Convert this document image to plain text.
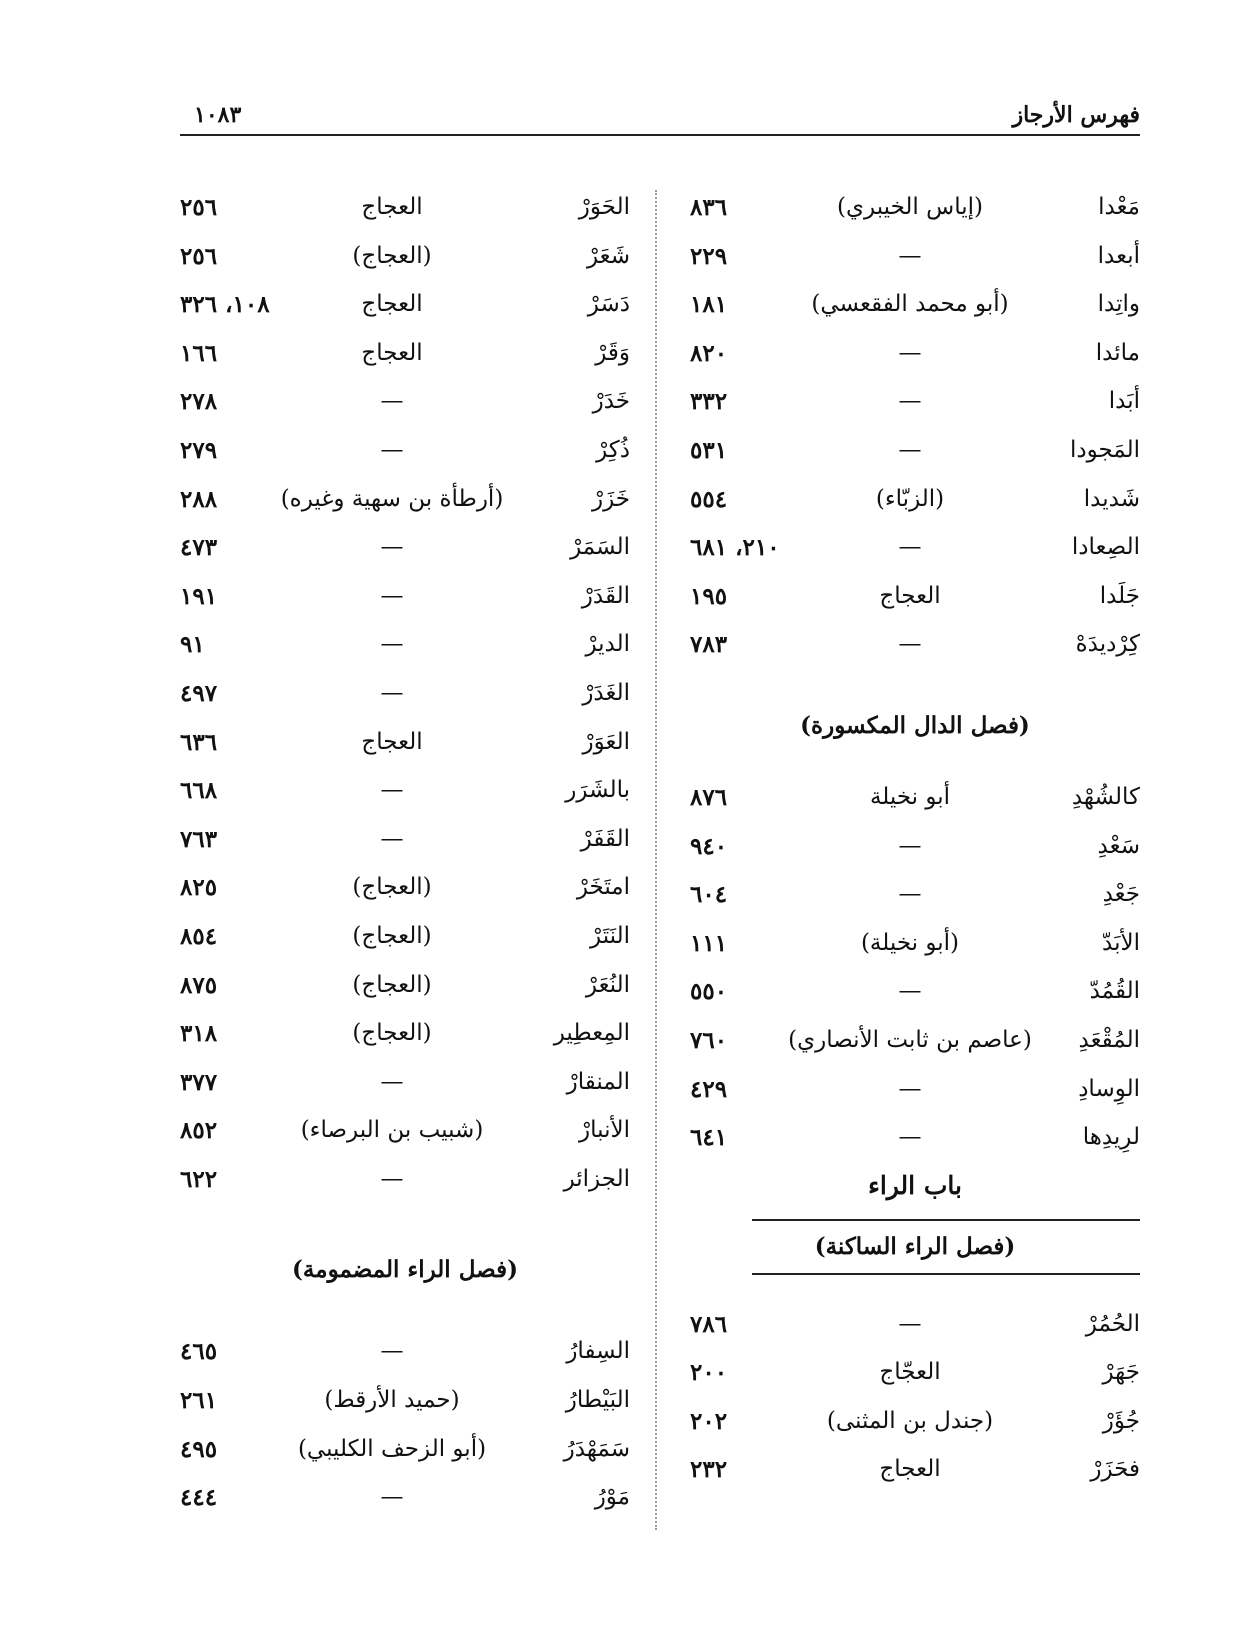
فهرس الأرجاز
١٠٨٣
مَعْدا
(إياس الخيبري)
٨٣٦
أبعدا
—
٢٢٩
واتِدا
(أبو محمد الفقعسي)
١٨١
مائدا
—
٨٢٠
أبَدا
—
٣٣٢
المَجودا
—
٥٣١
شَديدا
(الزبّاء)
٥٥٤
الصِعادا
—
٢١٠، ٦٨١
جَلَدا
العجاج
١٩٥
كِرْديدَهْ
—
٧٨٣
(فصل الدال المكسورة)
كالشُهْدِ
أبو نخيلة
٨٧٦
سَعْدِ
—
٩٤٠
جَعْدِ
—
٦٠٤
الأبَدّ
(أبو نخيلة)
١١١
القُمُدّ
—
٥٥٠
المُقْعَدِ
(عاصم بن ثابت الأنصاري)
٧٦٠
الوِسادِ
—
٤٢٩
لرِيدِها
—
٦٤١
باب الراء
(فصل الراء الساكنة)
الحُمُرْ
—
٧٨٦
جَهَرْ
العجّاج
٢٠٠
جُؤَرْ
(جندل بن المثنى)
٢٠٢
فحَزَرْ
العجاج
٢٣٢
الحَوَرْ
العجاج
٢٥٦
شَعَرْ
(العجاج)
٢٥٦
دَسَرْ
العجاج
١٠٨، ٣٢٦
وَقَرْ
العجاج
١٦٦
خَدَرْ
—
٢٧٨
ذُكِرْ
—
٢٧٩
خَزَرْ
(أرطأة بن سهية وغيره)
٢٨٨
السَمَرْ
—
٤٧٣
القَدَرْ
—
١٩١
الديرْ
—
٩١
الغَدَرْ
—
٤٩٧
العَوَرْ
العجاج
٦٣٦
بالشَرَر
—
٦٦٨
القَفَرْ
—
٧٦٣
امتَخَرْ
(العجاج)
٨٢٥
النَتَرْ
(العجاج)
٨٥٤
النُعَرْ
(العجاج)
٨٧٥
المِعطِير
(العجاج)
٣١٨
المنقارْ
—
٣٧٧
الأنبارْ
(شبيب بن البرصاء)
٨٥٢
الجزائر
—
٦٢٢
(فصل الراء المضمومة)
السِفارُ
—
٤٦٥
البَيْطارُ
(حميد الأرقط)
٢٦١
سَمَهْدَرُ
(أبو الزحف الكليبي)
٤٩٥
مَوْرُ
—
٤٤٤
